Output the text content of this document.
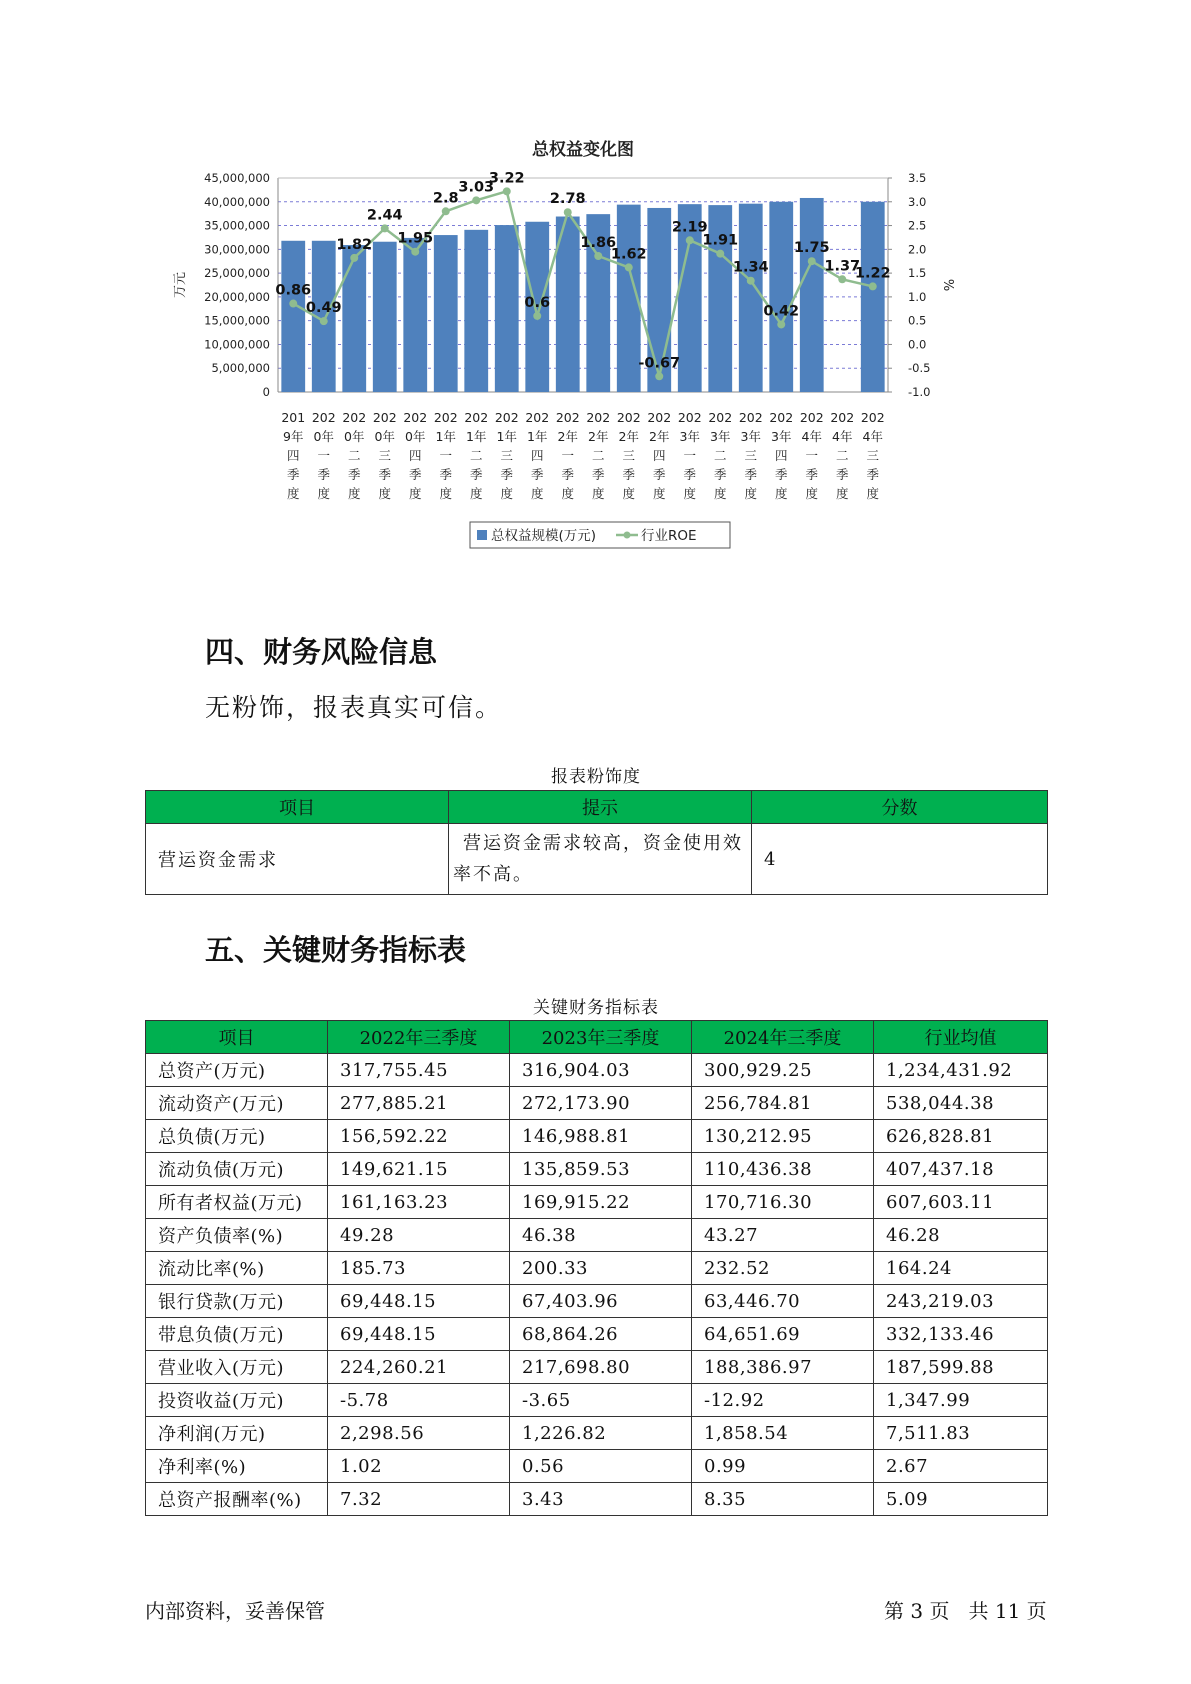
总权益变化图
45,000,000
40,000,000
35,000,000
30,000,000
25,000,000
20,000,000
15,000,000
10,000,000
5,000,000
0
3.5
3.0
2.5
2.0
1.5
1.0
0.5
0.0
-0.5
-1.0
万元	%
0.86
0.49
1.82
2.44
1.95
2.8
3.03
3.22
0.6
2.78
1.86
1.62
-0.67
2.19
1.91
1.34
0.42
1.75
1.37
1.22
201
9年
四
季
度
202
0年
一
季
度
202
0年
二
季
度
202
0年
三
季
度
202
0年
四
季
度
202
1年
一
季
度
202
1年
二
季
度
202
1年
三
季
度
202
1年
四
季
度
202
2年
一
季
度
202
2年
二
季
度
202
2年
三
季
度
202
2年
四
季
度
202
3年
一
季
度
202
3年
二
季
度
202
3年
三
季
度
202
3年
四
季
度
202
4年
一
季
度
202
4年
二
季
度
202
4年
三
季
度
总权益规模(万元)	行业ROE
四、财务风险信息
无粉饰，报表真实可信。
报表粉饰度
项目	提示	分数
营运资金需求	营运资金需求较高，资金使用效率不高。	4
五、关键财务指标表
关键财务指标表
项目	2022年三季度	2023年三季度	2024年三季度	行业均值
总资产(万元)	317,755.45	316,904.03	300,929.25	1,234,431.92
流动资产(万元)	277,885.21	272,173.90	256,784.81	538,044.38
总负债(万元)	156,592.22	146,988.81	130,212.95	626,828.81
流动负债(万元)	149,621.15	135,859.53	110,436.38	407,437.18
所有者权益(万元)	161,163.23	169,915.22	170,716.30	607,603.11
资产负债率(%)	49.28	46.38	43.27	46.28
流动比率(%)	185.73	200.33	232.52	164.24
银行贷款(万元)	69,448.15	67,403.96	63,446.70	243,219.03
带息负债(万元)	69,448.15	68,864.26	64,651.69	332,133.46
营业收入(万元)	224,260.21	217,698.80	188,386.97	187,599.88
投资收益(万元)	-5.78	-3.65	-12.92	1,347.99
净利润(万元)	2,298.56	1,226.82	1,858.54	7,511.83
净利率(%)	1.02	0.56	0.99	2.67
总资产报酬率(%)	7.32	3.43	8.35	5.09
内部资料，妥善保管	第 3 页   共 11 页
